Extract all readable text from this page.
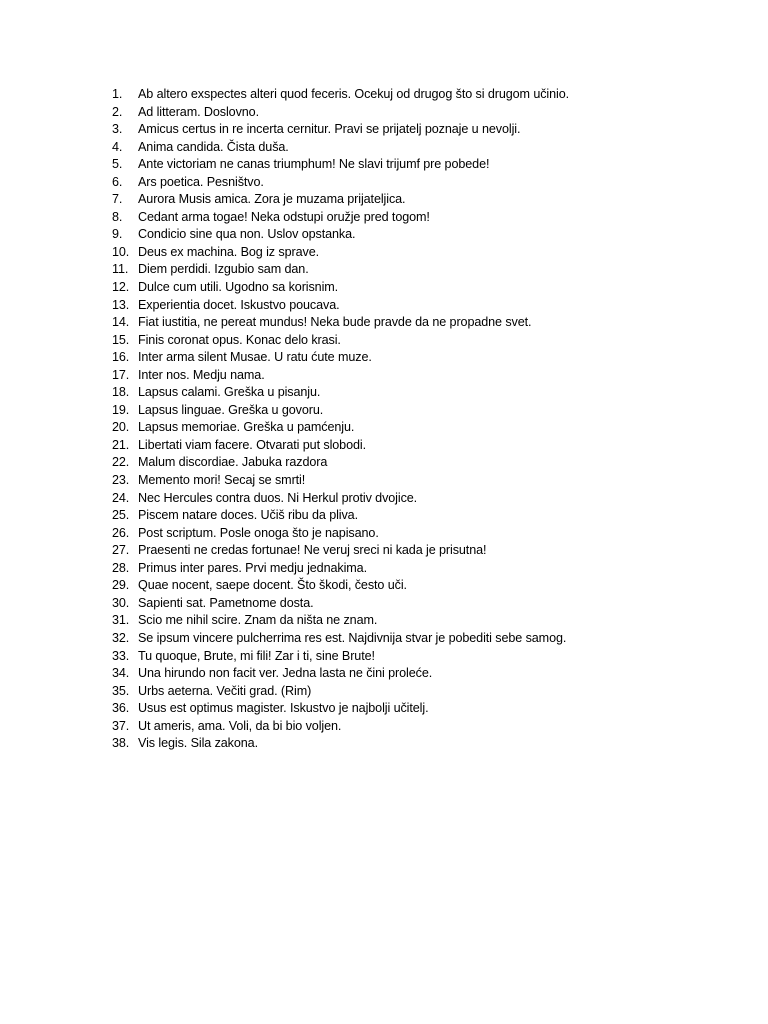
1.	Ab altero exspectes alteri quod feceris. Ocekuj od drugog što si drugom učinio.
2.	Ad litteram. Doslovno.
3.	Amicus certus in re incerta cernitur. Pravi se prijatelj poznaje u nevolji.
4.	Anima candida. Čista duša.
5.	Ante victoriam ne canas triumphum! Ne slavi trijumf pre pobede!
6.	Ars poetica. Pesništvo.
7.	Aurora Musis amica. Zora je muzama prijateljica.
8.	Cedant arma togae! Neka odstupi oružje pred togom!
9.	Condicio sine qua non. Uslov opstanka.
10. Deus ex machina. Bog iz sprave.
11. Diem perdidi. Izgubio sam dan.
12. Dulce cum utili. Ugodno sa korisnim.
13. Experientia docet. Iskustvo poucava.
14. Fiat iustitia, ne pereat mundus! Neka bude pravde da ne propadne svet.
15. Finis coronat opus. Konac delo krasi.
16. Inter arma silent Musae. U ratu ćute muze.
17. Inter nos. Medju nama.
18. Lapsus calami. Greška u pisanju.
19. Lapsus linguae. Greška u govoru.
20. Lapsus memoriae. Greška u pamćenju.
21. Libertati viam facere. Otvarati put slobodi.
22. Malum discordiae. Jabuka razdora
23. Memento mori! Secaj se smrti!
24. Nec Hercules contra duos. Ni Herkul protiv dvojice.
25. Piscem natare doces. Učiš ribu da pliva.
26. Post scriptum. Posle onoga što je napisano.
27. Praesenti ne credas fortunae! Ne veruj sreci ni kada je prisutna!
28. Primus inter pares. Prvi medju jednakima.
29. Quae nocent, saepe docent. Što škodi, često uči.
30. Sapienti sat. Pametnome dosta.
31. Scio me nihil scire. Znam da ništa ne znam.
32. Se ipsum vincere pulcherrima res est. Najdivnija stvar je pobediti sebe samog.
33. Tu quoque, Brute, mi fili! Zar i ti, sine Brute!
34. Una hirundo non facit ver. Jedna lasta ne čini proleće.
35. Urbs aeterna. Večiti grad. (Rim)
36. Usus est optimus magister. Iskustvo je najbolji učitelj.
37. Ut ameris, ama. Voli, da bi bio voljen.
38. Vis legis. Sila zakona.
